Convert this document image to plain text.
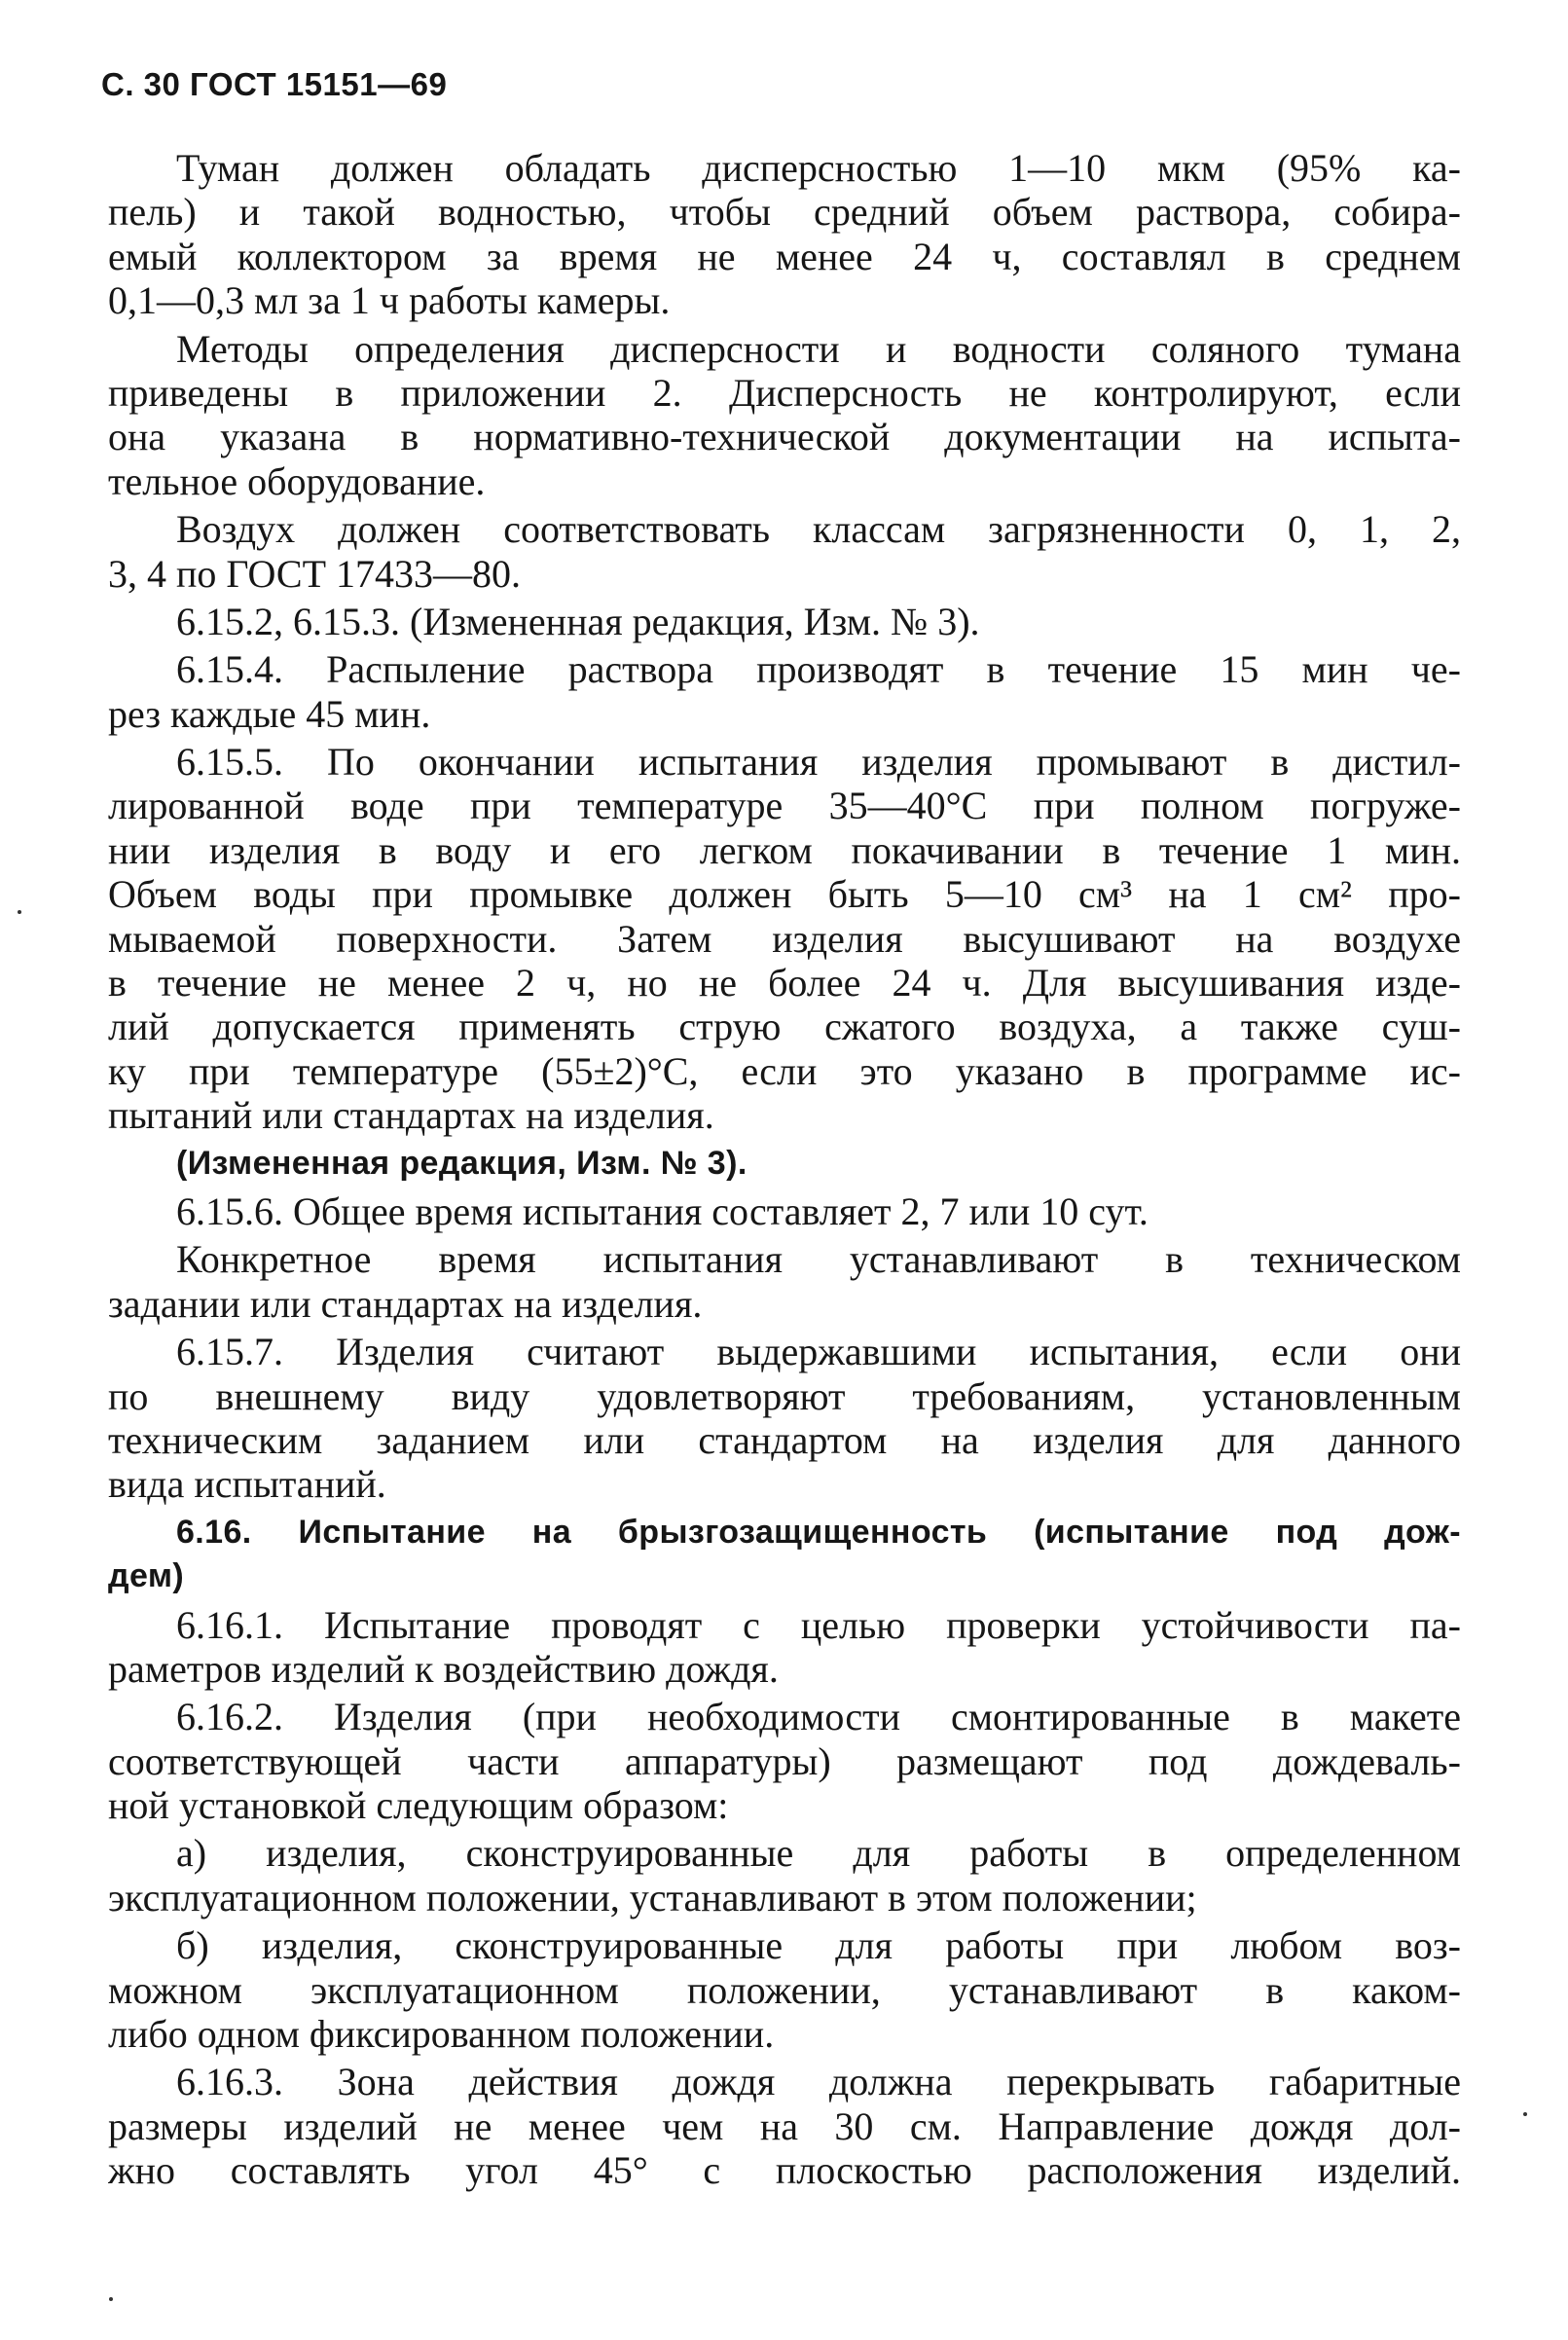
С. 30 ГОСТ 15151—69
Туман должен обладать дисперсностью 1—10 мкм (95% ка-
пель) и такой водностью, чтобы средний объем раствора, собира-
емый коллектором за время не менее 24 ч, составлял в среднем
0,1—0,3 мл за 1 ч работы камеры.
Методы определения дисперсности и водности соляного тумана
приведены в приложении 2. Дисперсность не контролируют, если
она указана в нормативно-технической документации на испыта-
тельное оборудование.
Воздух должен соответствовать классам загрязненности 0, 1, 2,
3, 4 по ГОСТ 17433—80.
6.15.2, 6.15.3. (Измененная редакция, Изм. № 3).
6.15.4. Распыление раствора производят в течение 15 мин че-
рез каждые 45 мин.
6.15.5. По окончании испытания изделия промывают в дистил-
лированной воде при температуре 35—40°С при полном погруже-
нии изделия в воду и его легком покачивании в течение 1 мин.
Объем воды при промывке должен быть 5—10 см³ на 1 см² про-
мываемой поверхности. Затем изделия высушивают на воздухе
в течение не менее 2 ч, но не более 24 ч. Для высушивания изде-
лий допускается применять струю сжатого воздуха, а также суш-
ку при температуре (55±2)°С, если это указано в программе ис-
пытаний или стандартах на изделия.
(Измененная редакция, Изм. № 3).
6.15.6. Общее время испытания составляет 2, 7 или 10 сут.
Конкретное время испытания устанавливают в техническом
задании или стандартах на изделия.
6.15.7. Изделия считают выдержавшими испытания, если они
по внешнему виду удовлетворяют требованиям, установленным
техническим заданием или стандартом на изделия для данного
вида испытаний.
6.16. Испытание на брызгозащищенность (испытание под дож-
дем)
6.16.1. Испытание проводят с целью проверки устойчивости па-
раметров изделий к воздействию дождя.
6.16.2. Изделия (при необходимости смонтированные в макете
соответствующей части аппаратуры) размещают под дождеваль-
ной установкой следующим образом:
а) изделия, сконструированные для работы в определенном
эксплуатационном положении, устанавливают в этом положении;
б) изделия, сконструированные для работы при любом воз-
можном эксплуатационном положении, устанавливают в каком-
либо одном фиксированном положении.
6.16.3. Зона действия дождя должна перекрывать габаритные
размеры изделий не менее чем на 30 см. Направление дождя дол-
жно составлять угол 45° с плоскостью расположения изделий.
